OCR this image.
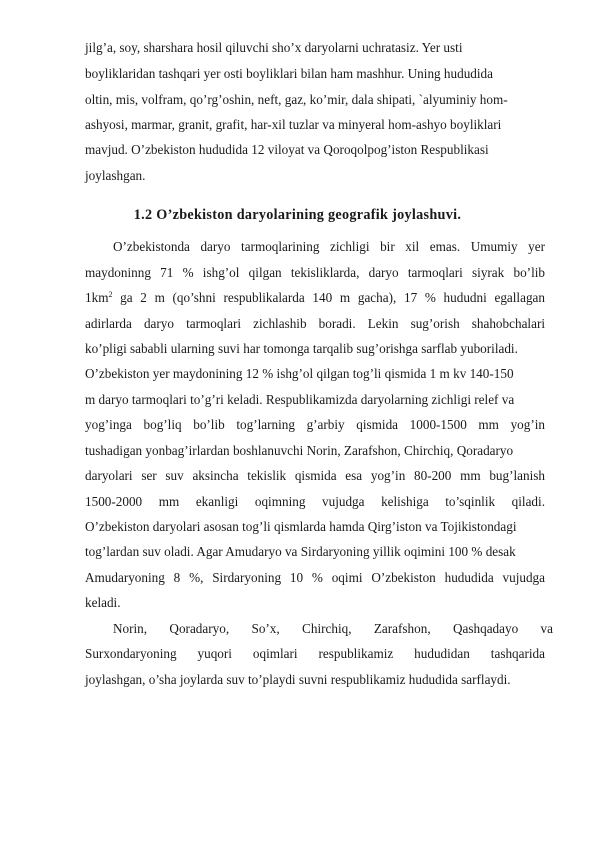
jilg’a, soy, sharshara hosil qiluvchi sho’x daryolarni uchratasiz. Yer usti
boyliklaridan tashqari yer osti boyliklari bilan ham mashhur. Uning hududida
oltin, mis, volfram, qo’rg’oshin, neft, gaz, ko’mir, dala shipati, `alyuminiy hom-
ashyosi, marmar, granit, grafit, har-xil tuzlar va minyeral hom-ashyo boyliklari
mavjud. O’zbekiston hududida 12 viloyat va Qoroqolpog’iston Respublikasi
joylashgan.
1.2 O’zbekiston daryolarining geografik joylashuvi.
O’zbekistonda daryo tarmoqlarining zichligi bir xil emas. Umumiy yer
maydoninng 71 % ishg’ol qilgan tekisliklarda, daryo tarmoqlari siyrak bo’lib
$1km^2$ ga 2 m (qo’shni respublikalarda 140 m gacha), 17 % hududni egallagan
adirlarda daryo tarmoqlari zichlashib boradi. Lekin sug’orish shahobchalari
ko’pligi sababli ularning suvi har tomonga tarqalib sug’orishga sarflab yuboriladi.
O’zbekiston yer maydonining 12 % ishg’ol qilgan tog’li qismida 1 m kv 140-150
m daryo tarmoqlari to’g’ri keladi. Respublikamizda daryolarning zichligi relef va
yog’inga bog’liq bo’lib tog’larning g’arbiy qismida 1000-1500 mm yog’in
tushadigan yonbag’irlardan boshlanuvchi Norin, Zarafshon, Chirchiq, Qoradaryo
daryolari ser suv aksincha tekislik qismida esa yog’in 80-200 mm bug’lanish
1500-2000 mm ekanligi oqimning vujudga kelishiga to’sqinlik qiladi.
O’zbekiston daryolari asosan tog’li qismlarda hamda Qirg’iston va Tojikistondagi
tog’lardan suv oladi. Agar Amudaryo va Sirdaryoning yillik oqimini 100 % desak
Amudaryoning 8 %, Sirdaryoning 10 % oqimi O’zbekiston hududida vujudga
keladi.
Norin, Qoradaryo, So’x, Chirchiq, Zarafshon, Qashqadayo va
Surxondaryoning yuqori oqimlari respublikamiz hududidan tashqarida
joylashgan, o’sha joylarda suv to’playdi suvni respublikamiz hududida sarflaydi.
